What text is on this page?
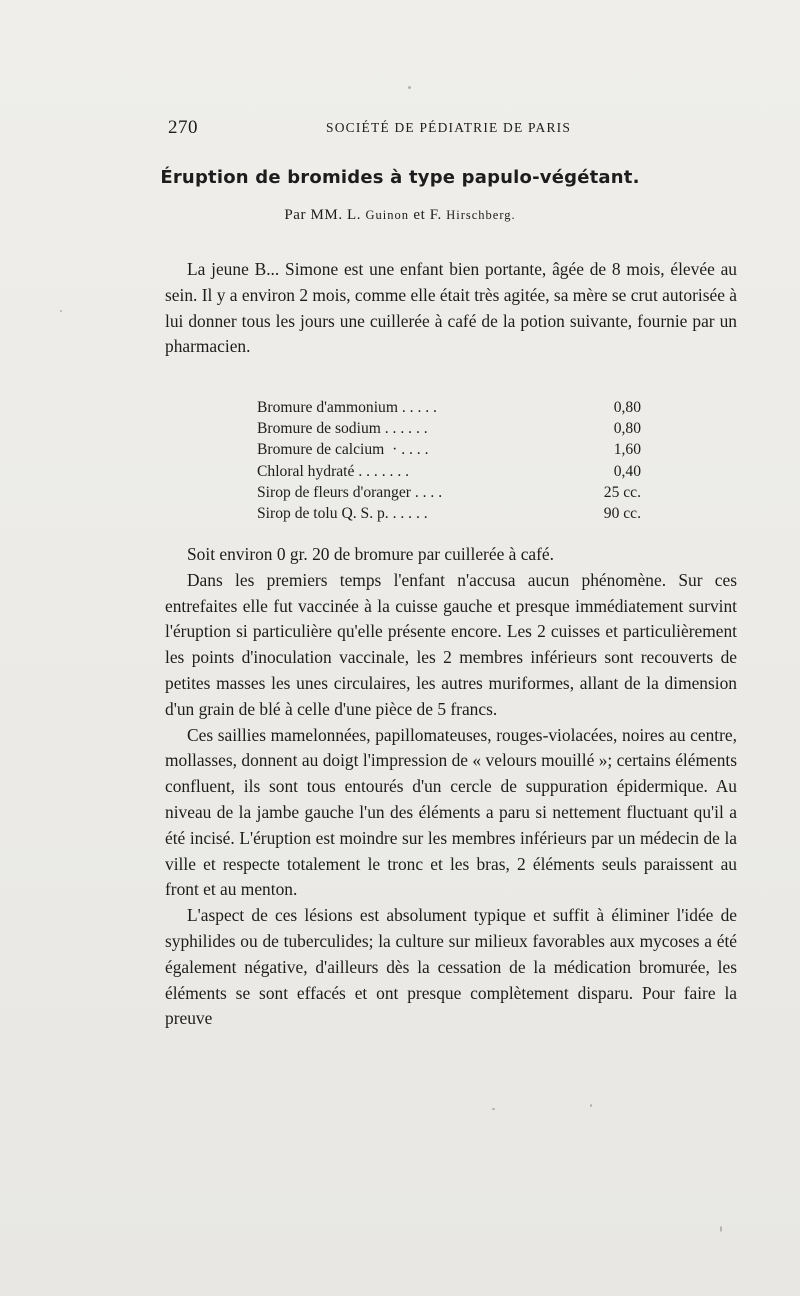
270	SOCIÉTÉ DE PÉDIATRIE DE PARIS
Éruption de bromides à type papulo-végétant.
Par MM. L. Guinon et F. Hirschberg.

La jeune B... Simone est une enfant bien portante, âgée de 8 mois, élevée au sein. Il y a environ 2 mois, comme elle était très agitée, sa mère se crut autorisée à lui donner tous les jours une cuillerée à café de la potion suivante, fournie par un pharmacien.

Bromure d'ammonium . . . . .	0,80
Bromure de sodium . . . . . .	0,80
Bromure de calcium  · . . . .	1,60
Chloral hydraté . . . . . . .	0,40
Sirop de fleurs d'oranger . . . .	25 cc.
Sirop de tolu Q. S. p. . . . . .	90 cc.

Soit environ 0 gr. 20 de bromure par cuillerée à café.

Dans les premiers temps l'enfant n'accusa aucun phénomène. Sur ces entrefaites elle fut vaccinée à la cuisse gauche et presque immédiatement survint l'éruption si particulière qu'elle présente encore. Les 2 cuisses et particulièrement les points d'inoculation vaccinale, les 2 membres inférieurs sont recouverts de petites masses les unes circulaires, les autres muriformes, allant de la dimension d'un grain de blé à celle d'une pièce de 5 francs.

Ces saillies mamelonnées, papillomateuses, rouges-violacées, noires au centre, mollasses, donnent au doigt l'impression de « velours mouillé »; certains éléments confluent, ils sont tous entourés d'un cercle de suppuration épidermique. Au niveau de la jambe gauche l'un des éléments a paru si nettement fluctuant qu'il a été incisé. L'éruption est moindre sur les membres inférieurs par un médecin de la ville et respecte totalement le tronc et les bras, 2 éléments seuls paraissent au front et au menton.

L'aspect de ces lésions est absolument typique et suffit à éliminer l'idée de syphilides ou de tuberculides; la culture sur milieux favorables aux mycoses a été également négative, d'ailleurs dès la cessation de la médication bromurée, les éléments se sont effacés et ont presque complètement disparu. Pour faire la preuve
